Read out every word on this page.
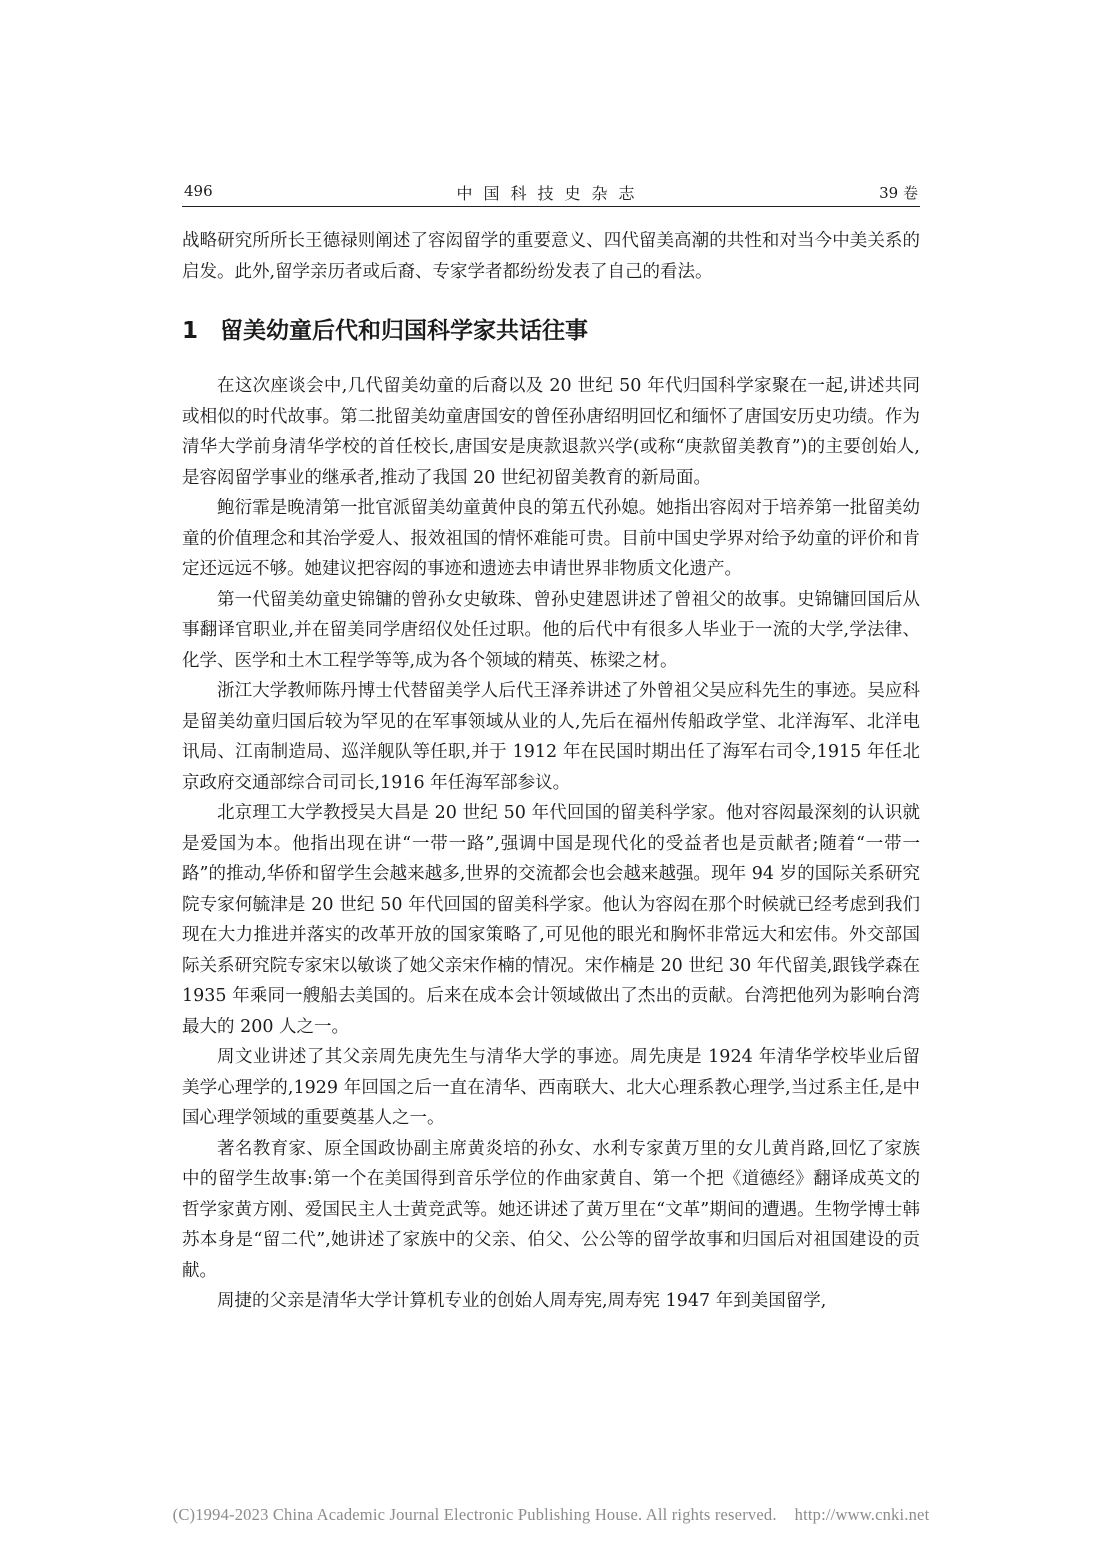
496	中国科技史杂志	39 卷

战略研究所所长王德禄则阐述了容闳留学的重要意义、四代留美高潮的共性和对当今中美关系的启发。此外,留学亲历者或后裔、专家学者都纷纷发表了自己的看法。

1 留美幼童后代和归国科学家共话往事

在这次座谈会中,几代留美幼童的后裔以及 20 世纪 50 年代归国科学家聚在一起,讲述共同或相似的时代故事。第二批留美幼童唐国安的曾侄孙唐绍明回忆和缅怀了唐国安历史功绩。作为清华大学前身清华学校的首任校长,唐国安是庚款退款兴学(或称“庚款留美教育”)的主要创始人,是容闳留学事业的继承者,推动了我国 20 世纪初留美教育的新局面。

鲍衍霏是晚清第一批官派留美幼童黄仲良的第五代孙媳。她指出容闳对于培养第一批留美幼童的价值理念和其治学爱人、报效祖国的情怀难能可贵。目前中国史学界对给予幼童的评价和肯定还远远不够。她建议把容闳的事迹和遗迹去申请世界非物质文化遗产。

第一代留美幼童史锦镛的曾孙女史敏珠、曾孙史建恩讲述了曾祖父的故事。史锦镛回国后从事翻译官职业,并在留美同学唐绍仪处任过职。他的后代中有很多人毕业于一流的大学,学法律、化学、医学和土木工程学等等,成为各个领域的精英、栋梁之材。

浙江大学教师陈丹博士代替留美学人后代王泽养讲述了外曾祖父吴应科先生的事迹。吴应科是留美幼童归国后较为罕见的在军事领域从业的人,先后在福州传船政学堂、北洋海军、北洋电讯局、江南制造局、巡洋舰队等任职,并于 1912 年在民国时期出任了海军右司令,1915 年任北京政府交通部综合司司长,1916 年任海军部参议。

北京理工大学教授吴大昌是 20 世纪 50 年代回国的留美科学家。他对容闳最深刻的认识就是爱国为本。他指出现在讲“一带一路”,强调中国是现代化的受益者也是贡献者;随着“一带一路”的推动,华侨和留学生会越来越多,世界的交流都会也会越来越强。现年 94 岁的国际关系研究院专家何毓津是 20 世纪 50 年代回国的留美科学家。他认为容闳在那个时候就已经考虑到我们现在大力推进并落实的改革开放的国家策略了,可见他的眼光和胸怀非常远大和宏伟。外交部国际关系研究院专家宋以敏谈了她父亲宋作楠的情况。宋作楠是 20 世纪 30 年代留美,跟钱学森在 1935 年乘同一艘船去美国的。后来在成本会计领域做出了杰出的贡献。台湾把他列为影响台湾最大的 200 人之一。

周文业讲述了其父亲周先庚先生与清华大学的事迹。周先庚是 1924 年清华学校毕业后留美学心理学的,1929 年回国之后一直在清华、西南联大、北大心理系教心理学,当过系主任,是中国心理学领域的重要奠基人之一。

著名教育家、原全国政协副主席黄炎培的孙女、水利专家黄万里的女儿黄肖路,回忆了家族中的留学生故事:第一个在美国得到音乐学位的作曲家黄自、第一个把《道德经》翻译成英文的哲学家黄方刚、爱国民主人士黄竞武等。她还讲述了黄万里在“文革”期间的遭遇。生物学博士韩苏本身是“留二代”,她讲述了家族中的父亲、伯父、公公等的留学故事和归国后对祖国建设的贡献。

周捷的父亲是清华大学计算机专业的创始人周寿宪,周寿宪 1947 年到美国留学,

(C)1994-2023 China Academic Journal Electronic Publishing House. All rights reserved. http://www.cnki.net
